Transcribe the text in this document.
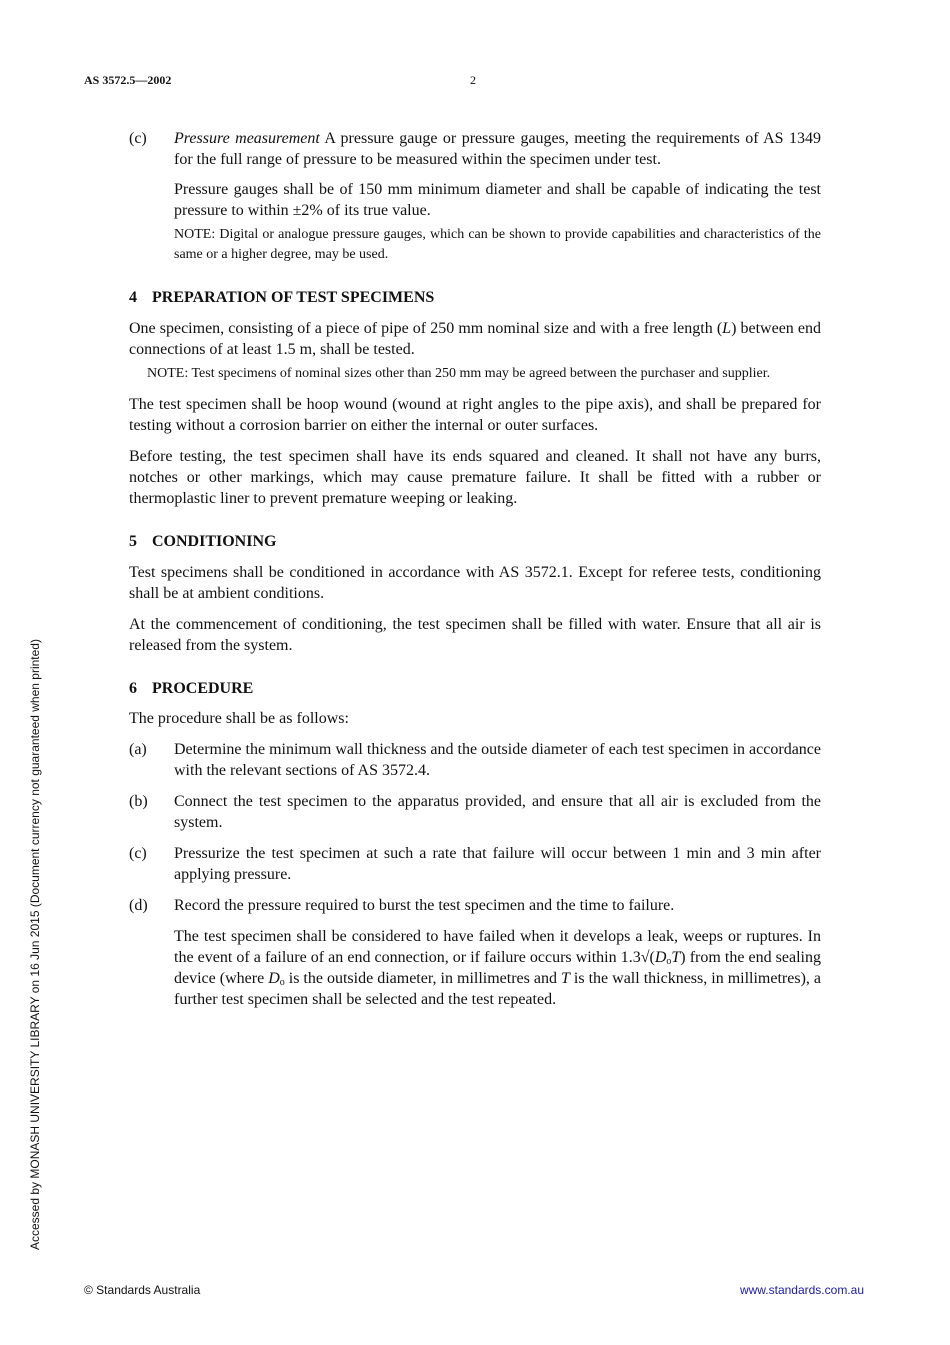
AS 3572.5—2002	2
Accessed by MONASH UNIVERSITY LIBRARY on 16 Jun 2015 (Document currency not guaranteed when printed)
(c)	Pressure measurement A pressure gauge or pressure gauges, meeting the requirements of AS 1349 for the full range of pressure to be measured within the specimen under test.

Pressure gauges shall be of 150 mm minimum diameter and shall be capable of indicating the test pressure to within ±2% of its true value.

NOTE: Digital or analogue pressure gauges, which can be shown to provide capabilities and characteristics of the same or a higher degree, may be used.

4 PREPARATION OF TEST SPECIMENS

One specimen, consisting of a piece of pipe of 250 mm nominal size and with a free length (L) between end connections of at least 1.5 m, shall be tested.

NOTE: Test specimens of nominal sizes other than 250 mm may be agreed between the purchaser and supplier.

The test specimen shall be hoop wound (wound at right angles to the pipe axis), and shall be prepared for testing without a corrosion barrier on either the internal or outer surfaces.

Before testing, the test specimen shall have its ends squared and cleaned. It shall not have any burrs, notches or other markings, which may cause premature failure. It shall be fitted with a rubber or thermoplastic liner to prevent premature weeping or leaking.

5 CONDITIONING

Test specimens shall be conditioned in accordance with AS 3572.1. Except for referee tests, conditioning shall be at ambient conditions.

At the commencement of conditioning, the test specimen shall be filled with water. Ensure that all air is released from the system.

6 PROCEDURE

The procedure shall be as follows:

(a)	Determine the minimum wall thickness and the outside diameter of each test specimen in accordance with the relevant sections of AS 3572.4.
(b)	Connect the test specimen to the apparatus provided, and ensure that all air is excluded from the system.
(c)	Pressurize the test specimen at such a rate that failure will occur between 1 min and 3 min after applying pressure.
(d)	Record the pressure required to burst the test specimen and the time to failure.

The test specimen shall be considered to have failed when it develops a leak, weeps or ruptures. In the event of a failure of an end connection, or if failure occurs within $1.3√(D_oT)$ from the end sealing device (where $D_o$ is the outside diameter, in millimetres and T is the wall thickness, in millimetres), a further test specimen shall be selected and the test repeated.

© Standards Australia	www.standards.com.au
